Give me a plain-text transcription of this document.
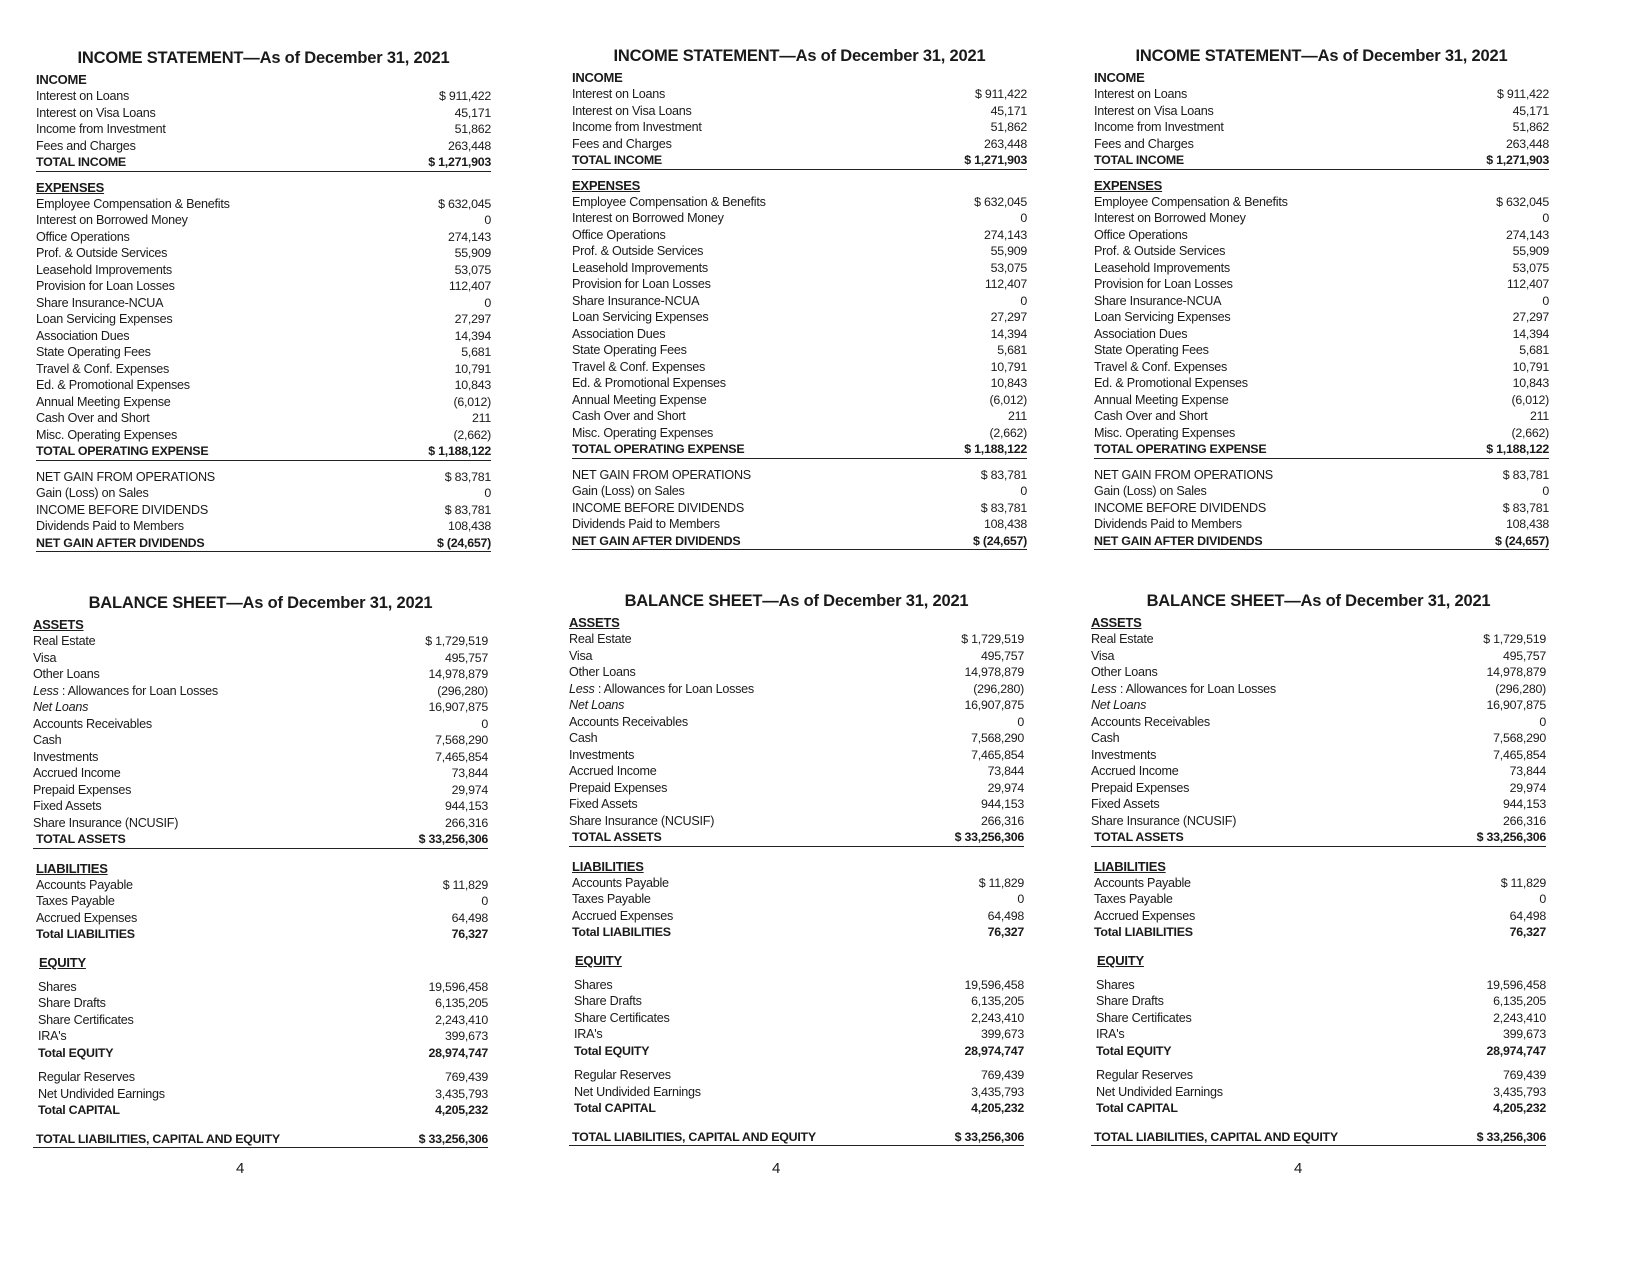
INCOME STATEMENT—As of December 31, 2021
INCOME
Interest on Loans	$ 911,422
Interest on Visa Loans	45,171
Income from Investment	51,862
Fees and Charges	263,448
TOTAL INCOME	$ 1,271,903
EXPENSES
Employee Compensation & Benefits	$ 632,045
Interest on Borrowed Money	0
Office Operations	274,143
Prof. & Outside Services	55,909
Leasehold Improvements	53,075
Provision for Loan Losses	112,407
Share Insurance-NCUA	0
Loan Servicing Expenses	27,297
Association Dues	14,394
State Operating Fees	5,681
Travel & Conf. Expenses	10,791
Ed. & Promotional Expenses	10,843
Annual Meeting Expense	(6,012)
Cash Over and Short	211
Misc. Operating Expenses	(2,662)
TOTAL OPERATING EXPENSE	$ 1,188,122
NET GAIN FROM OPERATIONS	$ 83,781
Gain (Loss) on Sales	0
INCOME BEFORE DIVIDENDS	$ 83,781
Dividends Paid to Members	108,438
NET GAIN AFTER DIVIDENDS	$ (24,657)
BALANCE SHEET—As of December 31, 2021
ASSETS
Real Estate	$ 1,729,519
Visa	495,757
Other Loans	14,978,879
Less : Allowances for Loan Losses	(296,280)
Net Loans	16,907,875
Accounts Receivables	0
Cash	7,568,290
Investments	7,465,854
Accrued Income	73,844
Prepaid Expenses	29,974
Fixed Assets	944,153
Share Insurance (NCUSIF)	266,316
TOTAL ASSETS	$ 33,256,306
LIABILITIES
Accounts Payable	$ 11,829
Taxes Payable	0
Accrued Expenses	64,498
Total LIABILITIES	76,327
EQUITY
Shares	19,596,458
Share Drafts	6,135,205
Share Certificates	2,243,410
IRA's	399,673
Total EQUITY	28,974,747
Regular Reserves	769,439
Net Undivided Earnings	3,435,793
Total CAPITAL	4,205,232
TOTAL LIABILITIES, CAPITAL AND EQUITY	$ 33,256,306
4
INCOME STATEMENT—As of December 31, 2021
INCOME
Interest on Loans	$ 911,422
Interest on Visa Loans	45,171
Income from Investment	51,862
Fees and Charges	263,448
TOTAL INCOME	$ 1,271,903
EXPENSES
Employee Compensation & Benefits	$ 632,045
Interest on Borrowed Money	0
Office Operations	274,143
Prof. & Outside Services	55,909
Leasehold Improvements	53,075
Provision for Loan Losses	112,407
Share Insurance-NCUA	0
Loan Servicing Expenses	27,297
Association Dues	14,394
State Operating Fees	5,681
Travel & Conf. Expenses	10,791
Ed. & Promotional Expenses	10,843
Annual Meeting Expense	(6,012)
Cash Over and Short	211
Misc. Operating Expenses	(2,662)
TOTAL OPERATING EXPENSE	$ 1,188,122
NET GAIN FROM OPERATIONS	$ 83,781
Gain (Loss) on Sales	0
INCOME BEFORE DIVIDENDS	$ 83,781
Dividends Paid to Members	108,438
NET GAIN AFTER DIVIDENDS	$ (24,657)
BALANCE SHEET—As of December 31, 2021
ASSETS
Real Estate	$ 1,729,519
Visa	495,757
Other Loans	14,978,879
Less : Allowances for Loan Losses	(296,280)
Net Loans	16,907,875
Accounts Receivables	0
Cash	7,568,290
Investments	7,465,854
Accrued Income	73,844
Prepaid Expenses	29,974
Fixed Assets	944,153
Share Insurance (NCUSIF)	266,316
TOTAL ASSETS	$ 33,256,306
LIABILITIES
Accounts Payable	$ 11,829
Taxes Payable	0
Accrued Expenses	64,498
Total LIABILITIES	76,327
EQUITY
Shares	19,596,458
Share Drafts	6,135,205
Share Certificates	2,243,410
IRA's	399,673
Total EQUITY	28,974,747
Regular Reserves	769,439
Net Undivided Earnings	3,435,793
Total CAPITAL	4,205,232
TOTAL LIABILITIES, CAPITAL AND EQUITY	$ 33,256,306
4
INCOME STATEMENT—As of December 31, 2021
INCOME
Interest on Loans	$ 911,422
Interest on Visa Loans	45,171
Income from Investment	51,862
Fees and Charges	263,448
TOTAL INCOME	$ 1,271,903
EXPENSES
Employee Compensation & Benefits	$ 632,045
Interest on Borrowed Money	0
Office Operations	274,143
Prof. & Outside Services	55,909
Leasehold Improvements	53,075
Provision for Loan Losses	112,407
Share Insurance-NCUA	0
Loan Servicing Expenses	27,297
Association Dues	14,394
State Operating Fees	5,681
Travel & Conf. Expenses	10,791
Ed. & Promotional Expenses	10,843
Annual Meeting Expense	(6,012)
Cash Over and Short	211
Misc. Operating Expenses	(2,662)
TOTAL OPERATING EXPENSE	$ 1,188,122
NET GAIN FROM OPERATIONS	$ 83,781
Gain (Loss) on Sales	0
INCOME BEFORE DIVIDENDS	$ 83,781
Dividends Paid to Members	108,438
NET GAIN AFTER DIVIDENDS	$ (24,657)
BALANCE SHEET—As of December 31, 2021
ASSETS
Real Estate	$ 1,729,519
Visa	495,757
Other Loans	14,978,879
Less : Allowances for Loan Losses	(296,280)
Net Loans	16,907,875
Accounts Receivables	0
Cash	7,568,290
Investments	7,465,854
Accrued Income	73,844
Prepaid Expenses	29,974
Fixed Assets	944,153
Share Insurance (NCUSIF)	266,316
TOTAL ASSETS	$ 33,256,306
LIABILITIES
Accounts Payable	$ 11,829
Taxes Payable	0
Accrued Expenses	64,498
Total LIABILITIES	76,327
EQUITY
Shares	19,596,458
Share Drafts	6,135,205
Share Certificates	2,243,410
IRA's	399,673
Total EQUITY	28,974,747
Regular Reserves	769,439
Net Undivided Earnings	3,435,793
Total CAPITAL	4,205,232
TOTAL LIABILITIES, CAPITAL AND EQUITY	$ 33,256,306
4
